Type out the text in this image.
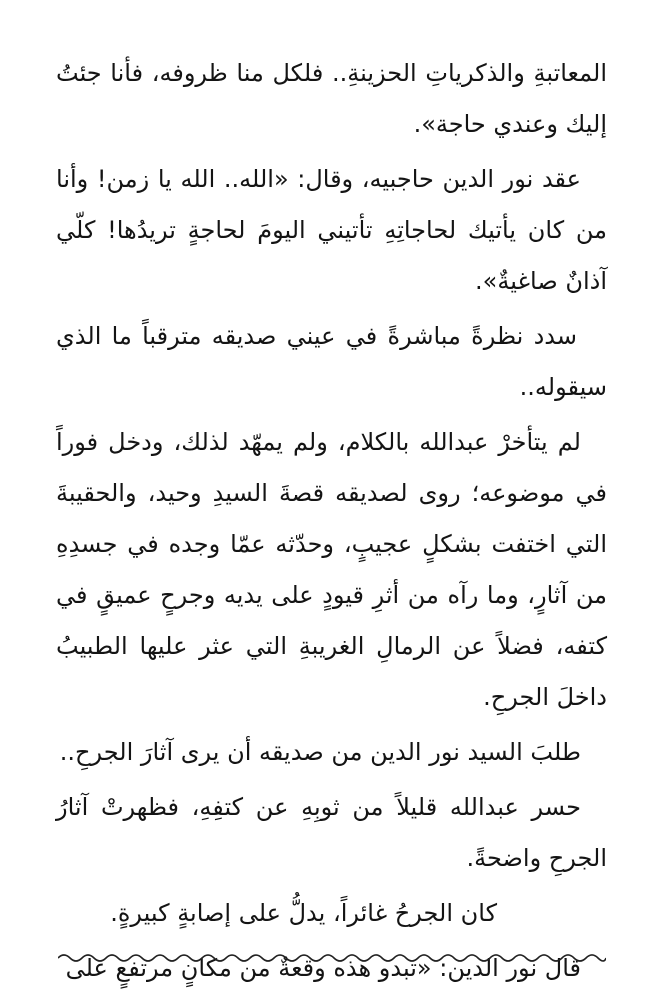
المعاتبةِ والذكرياتِ الحزينةِ.. فلكل منا ظروفه، فأنا جئتُ إليك وعندي حاجة».

عقد نور الدين حاجبيه، وقال: «الله.. الله يا زمن! وأنا من كان يأتيك لحاجاتِهِ تأتيني اليومَ لحاجةٍ تريدُها! كلّي آذانٌ صاغيةٌ».

سدد نظرةً مباشرةً في عيني صديقه مترقباً ما الذي سيقوله..

لم يتأخرْ عبدالله بالكلام، ولم يمهّد لذلك، ودخل فوراً في موضوعه؛ روى لصديقه قصةَ السيدِ وحيد، والحقيبةَ التي اختفت بشكلٍ عجيبٍ، وحدّثه عمّا وجده في جسدِهِ من آثارٍ، وما رآه من أثرِ قيودٍ على يديه وجرحٍ عميقٍ في كتفه، فضلاً عن الرمالِ الغريبةِ التي عثر عليها الطبيبُ داخلَ الجرحِ.

طلبَ السيد نور الدين من صديقه أن يرى آثارَ الجرحِ..

حسر عبدالله قليلاً من ثوبِهِ عن كتفِهِ، فظهرتْ آثارُ الجرحِ واضحةً.

كان الجرحُ غائراً، يدلُّ على إصابةٍ كبيرةٍ.

قال نور الدين: «تبدو هذه وقعةٌ من مكانٍ مرتفعٍ على
